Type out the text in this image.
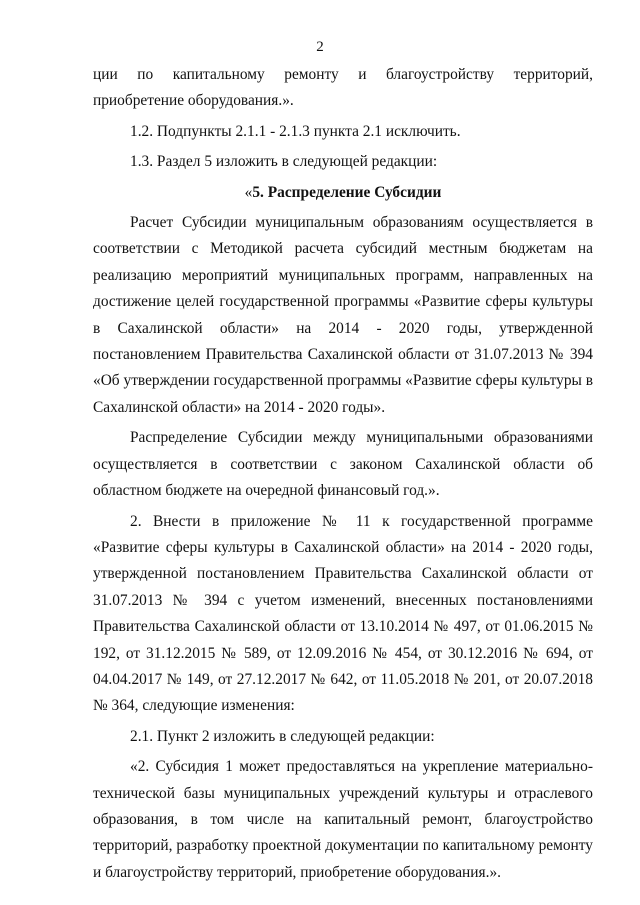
2

ции по капитальному ремонту и благоустройству территорий, приобретение оборудования.».

1.2. Подпункты 2.1.1 - 2.1.3 пункта 2.1 исключить.

1.3. Раздел 5 изложить в следующей редакции:

«5. Распределение Субсидии

Расчет Субсидии муниципальным образованиям осуществляется в соответствии с Методикой расчета субсидий местным бюджетам на реализацию мероприятий муниципальных программ, направленных на достижение целей государственной программы «Развитие сферы культуры в Сахалинской области» на 2014 - 2020 годы, утвержденной постановлением Правительства Сахалинской области от 31.07.2013 № 394 «Об утверждении государственной программы «Развитие сферы культуры в Сахалинской области» на 2014 - 2020 годы».

Распределение Субсидии между муниципальными образованиями осуществляется в соответствии с законом Сахалинской области об областном бюджете на очередной финансовый год.».

2. Внести в приложение № 11 к государственной программе «Развитие сферы культуры в Сахалинской области» на 2014 - 2020 годы, утвержденной постановлением Правительства Сахалинской области от 31.07.2013 № 394 с учетом изменений, внесенных постановлениями Правительства Сахалинской области от 13.10.2014 № 497, от 01.06.2015 № 192, от 31.12.2015 № 589, от 12.09.2016 № 454, от 30.12.2016 № 694, от 04.04.2017 № 149, от 27.12.2017 № 642, от 11.05.2018 № 201, от 20.07.2018 № 364, следующие изменения:

2.1. Пункт 2 изложить в следующей редакции:

«2. Субсидия 1 может предоставляться на укрепление материально-технической базы муниципальных учреждений культуры и отраслевого образования, в том числе на капитальный ремонт, благоустройство территорий, разработку проектной документации по капитальному ремонту и благоустройству территорий, приобретение оборудования.».
